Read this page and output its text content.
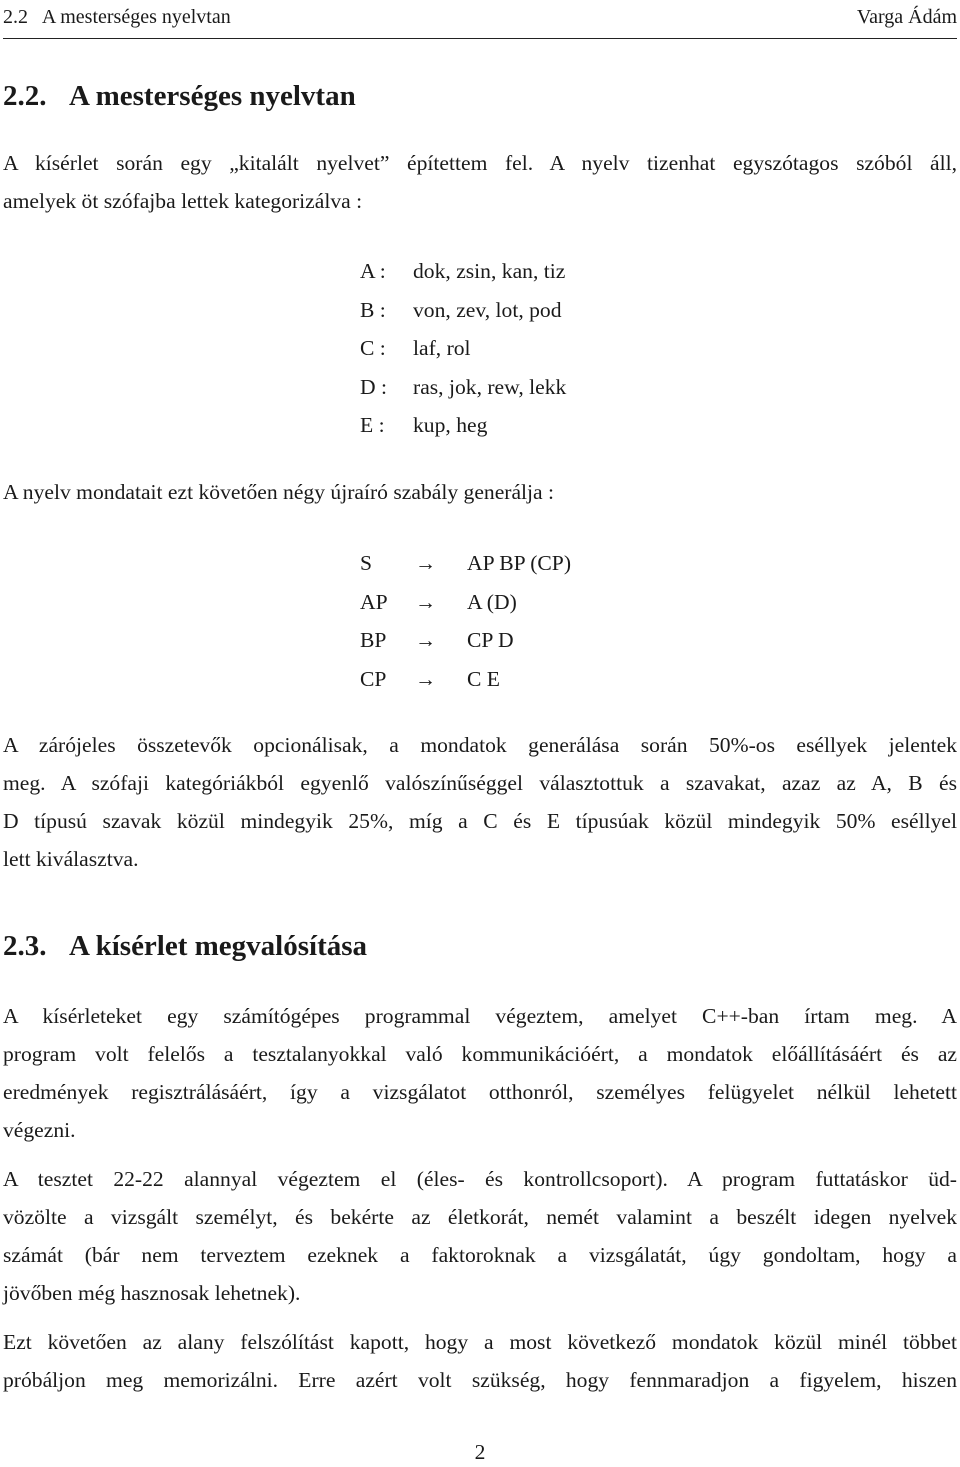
2.2   A mesterséges nyelvtan	Varga Ádám
2.2. A mesterséges nyelvtan
A kísérlet során egy „kitalált nyelvet” építettem fel. A nyelv tizenhat egyszótagos szóból áll,
amelyek öt szófajba lettek kategorizálva :
A : dok, zsin, kan, tiz
B : von, zev, lot, pod
C : laf, rol
D : ras, jok, rew, lekk
E : kup, heg
A nyelv mondatait ezt követően négy újraíró szabály generálja :
S → AP BP (CP)
AP → A (D)
BP → CP D
CP → C E
A zárójeles összetevők opcionálisak, a mondatok generálása során 50%-os eséllyek jelentek
meg. A szófaji kategóriákból egyenlő valószínűséggel választottuk a szavakat, azaz az A, B és
D típusú szavak közül mindegyik 25%, míg a C és E típusúak közül mindegyik 50% eséllyel
lett kiválasztva.
2.3. A kísérlet megvalósítása
A kísérleteket egy számítógépes programmal végeztem, amelyet C++-ban írtam meg. A
program volt felelős a tesztalanyokkal való kommunikációért, a mondatok előállításáért és az
eredmények regisztrálásáért, így a vizsgálatot otthonról, személyes felügyelet nélkül lehetett
végezni.
A tesztet 22-22 alannyal végeztem el (éles- és kontrollcsoport). A program futtatáskor üd-
vözölte a vizsgált személyt, és bekérte az életkorát, nemét valamint a beszélt idegen nyelvek
számát (bár nem terveztem ezeknek a faktoroknak a vizsgálatát, úgy gondoltam, hogy a
jövőben még hasznosak lehetnek).
Ezt követően az alany felszólítást kapott, hogy a most következő mondatok közül minél többet
próbáljon meg memorizálni. Erre azért volt szükség, hogy fennmaradjon a figyelem, hiszen
2
